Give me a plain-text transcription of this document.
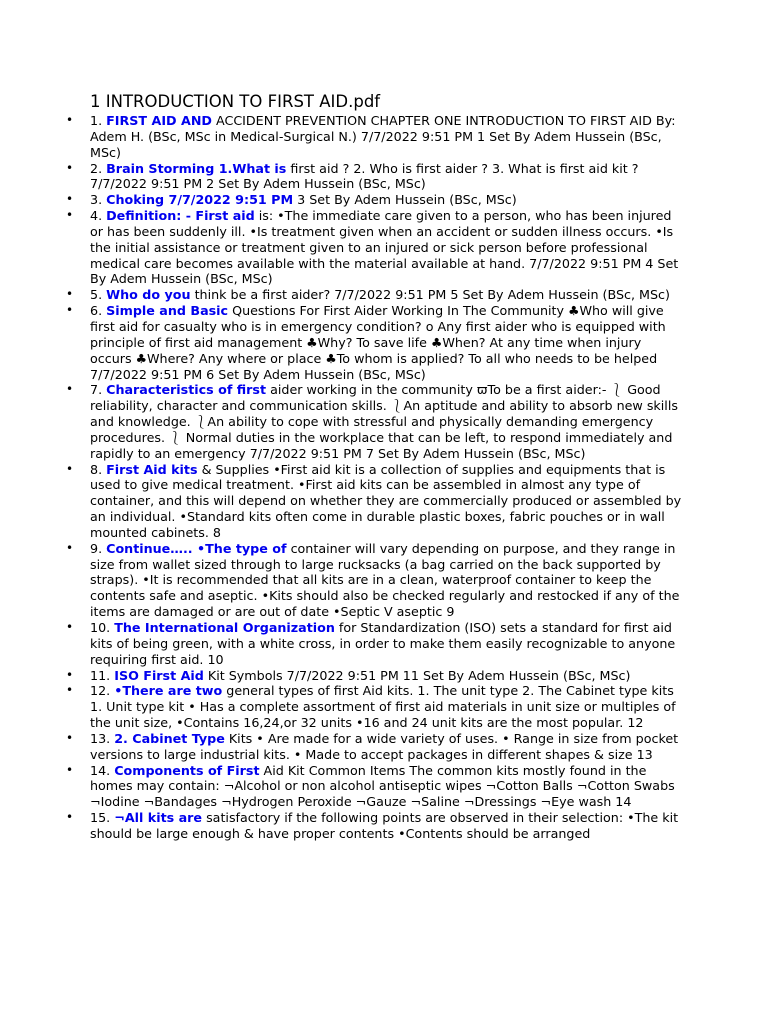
1 INTRODUCTION TO FIRST AID.pdf
• 1. FIRST AID AND ACCIDENT PREVENTION CHAPTER ONE INTRODUCTION TO FIRST AID By: Adem H. (BSc, MSc in Medical-Surgical N.) 7/7/2022 9:51 PM 1 Set By Adem Hussein (BSc, MSc)
• 2. Brain Storming 1.What is first aid ? 2. Who is first aider ? 3. What is first aid kit ? 7/7/2022 9:51 PM 2 Set By Adem Hussein (BSc, MSc)
• 3. Choking 7/7/2022 9:51 PM 3 Set By Adem Hussein (BSc, MSc)
• 4. Definition: - First aid is: •The immediate care given to a person, who has been injured or has been suddenly ill. •Is treatment given when an accident or sudden illness occurs. •Is the initial assistance or treatment given to an injured or sick person before professional medical care becomes available with the material available at hand. 7/7/2022 9:51 PM 4 Set By Adem Hussein (BSc, MSc)
• 5. Who do you think be a first aider? 7/7/2022 9:51 PM 5 Set By Adem Hussein (BSc, MSc)
• 6. Simple and Basic Questions For First Aider Working In The Community ♣Who will give first aid for casualty who is in emergency condition? o Any first aider who is equipped with principle of first aid management ♣Why? To save life ♣When? At any time when injury occurs ♣Where? Any where or place ♣To whom is applied? To all who needs to be helped 7/7/2022 9:51 PM 6 Set By Adem Hussein (BSc, MSc)
• 7. Characteristics of first aider working in the community ϖTo be a first aider:- ⎱ Good reliability, character and communication skills. ⎱An aptitude and ability to absorb new skills and knowledge. ⎱An ability to cope with stressful and physically demanding emergency procedures. ⎱ Normal duties in the workplace that can be left, to respond immediately and rapidly to an emergency 7/7/2022 9:51 PM 7 Set By Adem Hussein (BSc, MSc)
• 8. First Aid kits & Supplies •First aid kit is a collection of supplies and equipments that is used to give medical treatment. •First aid kits can be assembled in almost any type of container, and this will depend on whether they are commercially produced or assembled by an individual. •Standard kits often come in durable plastic boxes, fabric pouches or in wall mounted cabinets. 8
• 9. Continue….. •The type of container will vary depending on purpose, and they range in size from wallet sized through to large rucksacks (a bag carried on the back supported by straps). •It is recommended that all kits are in a clean, waterproof container to keep the contents safe and aseptic. •Kits should also be checked regularly and restocked if any of the items are damaged or are out of date •Septic V aseptic 9
• 10. The International Organization for Standardization (ISO) sets a standard for first aid kits of being green, with a white cross, in order to make them easily recognizable to anyone requiring first aid. 10
• 11. ISO First Aid Kit Symbols 7/7/2022 9:51 PM 11 Set By Adem Hussein (BSc, MSc)
• 12. •There are two general types of first Aid kits. 1. The unit type 2. The Cabinet type kits 1. Unit type kit • Has a complete assortment of first aid materials in unit size or multiples of the unit size, •Contains 16,24,or 32 units •16 and 24 unit kits are the most popular. 12
• 13. 2. Cabinet Type Kits • Are made for a wide variety of uses. • Range in size from pocket versions to large industrial kits. • Made to accept packages in different shapes & size 13
• 14. Components of First Aid Kit Common Items The common kits mostly found in the homes may contain: ¬Alcohol or non alcohol antiseptic wipes ¬Cotton Balls ¬Cotton Swabs ¬Iodine ¬Bandages ¬Hydrogen Peroxide ¬Gauze ¬Saline ¬Dressings ¬Eye wash 14
• 15. ¬All kits are satisfactory if the following points are observed in their selection: •The kit should be large enough & have proper contents •Contents should be arranged
